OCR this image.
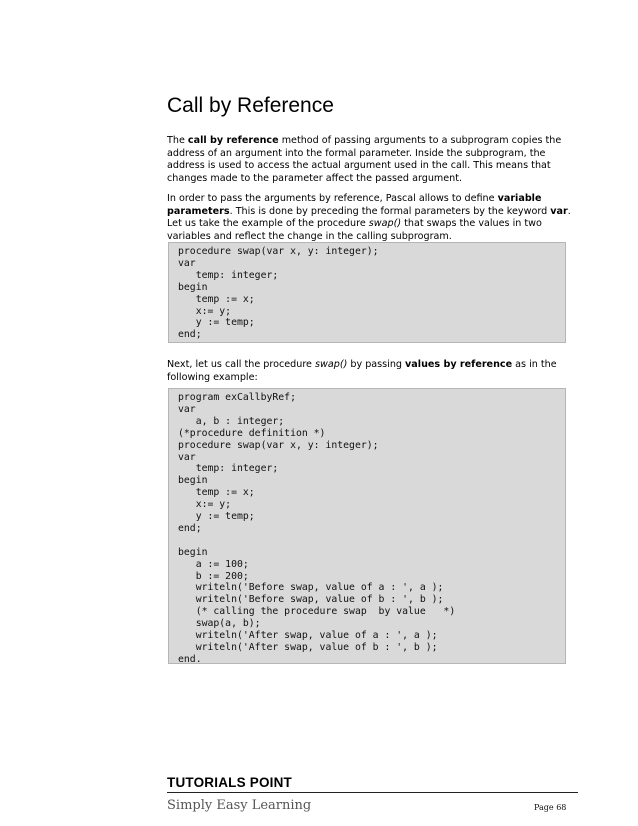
Call by Reference

The call by reference method of passing arguments to a subprogram copies the address of an argument into the formal parameter. Inside the subprogram, the address is used to access the actual argument used in the call. This means that changes made to the parameter affect the passed argument.

In order to pass the arguments by reference, Pascal allows to define variable parameters. This is done by preceding the formal parameters by the keyword var. Let us take the example of the procedure swap() that swaps the values in two variables and reflect the change in the calling subprogram.

procedure swap(var x, y: integer);
var
temp: integer;
begin
temp := x;
x:= y;
y := temp;
end;

Next, let us call the procedure swap() by passing values by reference as in the following example:

program exCallbyRef;
var
a, b : integer;
(*procedure definition *)
procedure swap(var x, y: integer);
var
temp: integer;
begin
temp := x;
x:= y;
y := temp;
end;
begin
a := 100;
b := 200;
writeln('Before swap, value of a : ', a );
writeln('Before swap, value of b : ', b );
(* calling the procedure swap  by value   *)
swap(a, b);
writeln('After swap, value of a : ', a );
writeln('After swap, value of b : ', b );
end.
TUTORIALS POINT
Simply Easy Learning	Page 68
